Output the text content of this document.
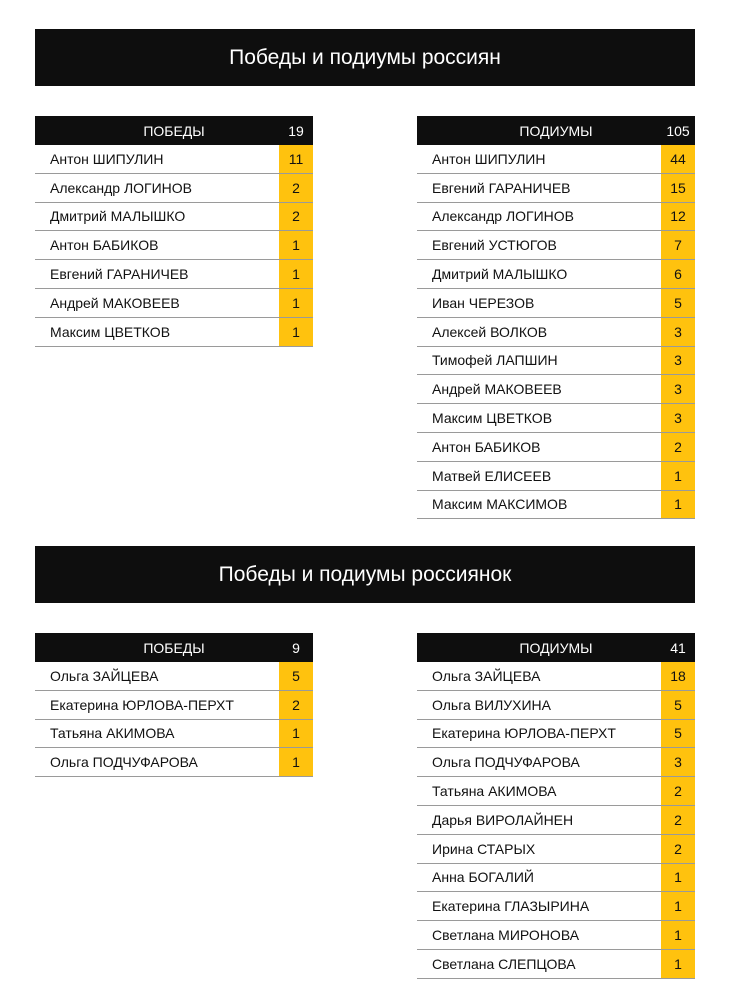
Победы и подиумы россиян
ПОБЕДЫ	19
Антон ШИПУЛИН	11
Александр ЛОГИНОВ	2
Дмитрий МАЛЫШКО	2
Антон БАБИКОВ	1
Евгений ГАРАНИЧЕВ	1
Андрей МАКОВЕЕВ	1
Максим ЦВЕТКОВ	1
ПОДИУМЫ	105
Антон ШИПУЛИН	44
Евгений ГАРАНИЧЕВ	15
Александр ЛОГИНОВ	12
Евгений УСТЮГОВ	7
Дмитрий МАЛЫШКО	6
Иван ЧЕРЕЗОВ	5
Алексей ВОЛКОВ	3
Тимофей ЛАПШИН	3
Андрей МАКОВЕЕВ	3
Максим ЦВЕТКОВ	3
Антон БАБИКОВ	2
Матвей ЕЛИСЕЕВ	1
Максим МАКСИМОВ	1
Победы и подиумы россиянок
ПОБЕДЫ	9
Ольга ЗАЙЦЕВА	5
Екатерина ЮРЛОВА-ПЕРХТ	2
Татьяна АКИМОВА	1
Ольга ПОДЧУФАРОВА	1
ПОДИУМЫ	41
Ольга ЗАЙЦЕВА	18
Ольга ВИЛУХИНА	5
Екатерина ЮРЛОВА-ПЕРХТ	5
Ольга ПОДЧУФАРОВА	3
Татьяна АКИМОВА	2
Дарья ВИРОЛАЙНЕН	2
Ирина СТАРЫХ	2
Анна БОГАЛИЙ	1
Екатерина ГЛАЗЫРИНА	1
Светлана МИРОНОВА	1
Светлана СЛЕПЦОВА	1
